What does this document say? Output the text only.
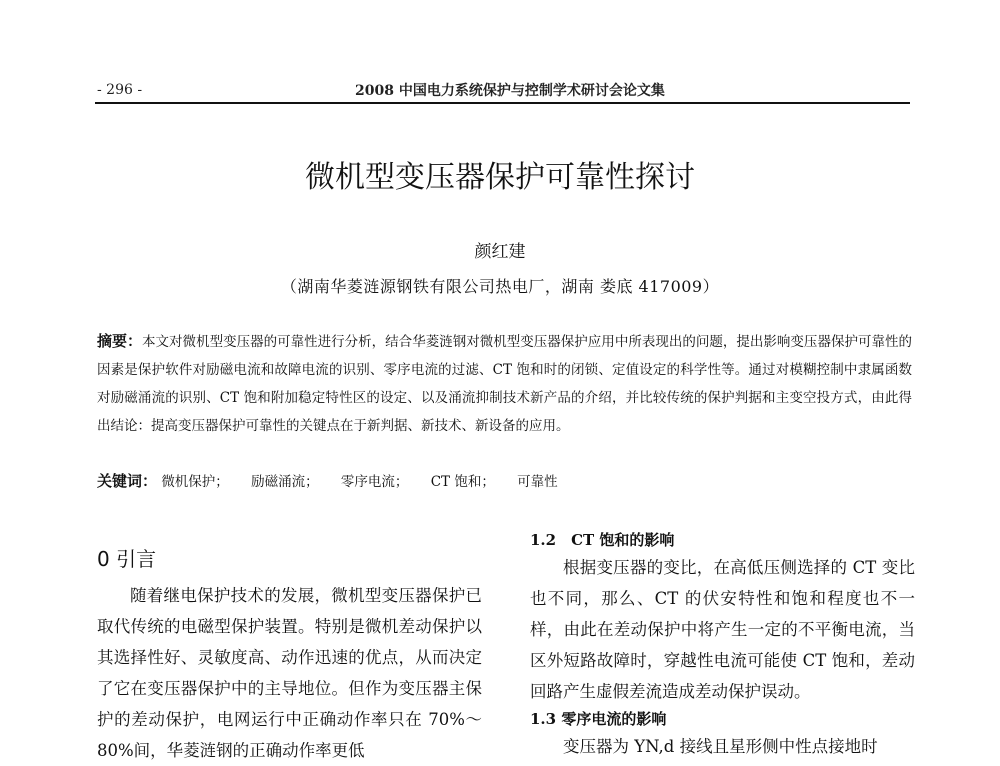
- 296 -	2008 中国电力系统保护与控制学术研讨会论文集
微机型变压器保护可靠性探讨
颜红建
（湖南华菱涟源钢铁有限公司热电厂，湖南 娄底 417009）
摘要：本文对微机型变压器的可靠性进行分析，结合华菱涟钢对微机型变压器保护应用中所表现出的问题，提出影响变压器保护可靠性的因素是保护软件对励磁电流和故障电流的识别、零序电流的过滤、CT 饱和时的闭锁、定值设定的科学性等。通过对模糊控制中隶属函数对励磁涌流的识别、CT 饱和附加稳定特性区的设定、以及涌流抑制技术新产品的介绍，并比较传统的保护判据和主变空投方式，由此得出结论：提高变压器保护可靠性的关键点在于新判据、新技术、新设备的应用。
关键词： 微机保护； 励磁涌流； 零序电流； CT 饱和； 可靠性
0 引言

随着继电保护技术的发展，微机型变压器保护已取代传统的电磁型保护装置。特别是微机差动保护以其选择性好、灵敏度高、动作迅速的优点，从而决定了它在变压器保护中的主导地位。但作为变压器主保护的差动保护，电网运行中正确动作率只在 70%～80%间，华菱涟钢的正确动作率更低

1.2　CT 饱和的影响

根据变压器的变比，在高低压侧选择的 CT 变比也不同，那么、CT 的伏安特性和饱和程度也不一样，由此在差动保护中将产生一定的不平衡电流，当区外短路故障时，穿越性电流可能使 CT 饱和，差动回路产生虚假差流造成差动保护误动。

1.3 零序电流的影响

变压器为 YN,d 接线且星形侧中性点接地时
